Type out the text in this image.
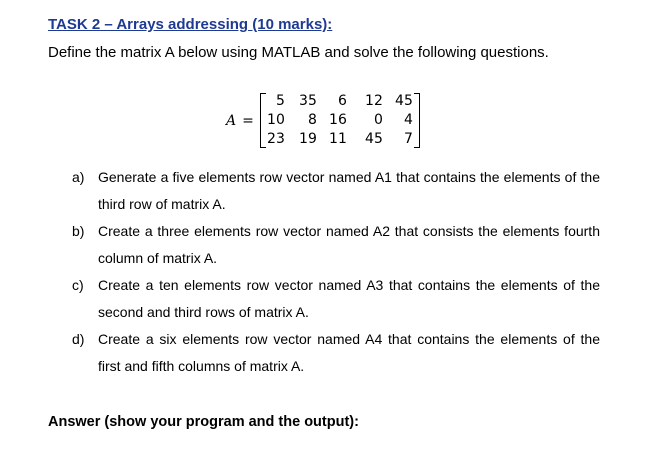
TASK 2 – Arrays addressing (10 marks):
Define the matrix A below using MATLAB and solve the following questions.
A =
5	35	6	12 45
10	8 16	0	4
23	19 11	45	7
a) Generate a five elements row vector named A1 that contains the elements of the third row of matrix A.
b) Create a three elements row vector named A2 that consists the elements fourth column of matrix A.
c)	Create a ten elements row vector named A3 that contains the elements of the second and third rows of matrix A.
d) Create a six elements row vector named A4 that contains the elements of the first and fifth columns of matrix A.
Answer (show your program and the output):
